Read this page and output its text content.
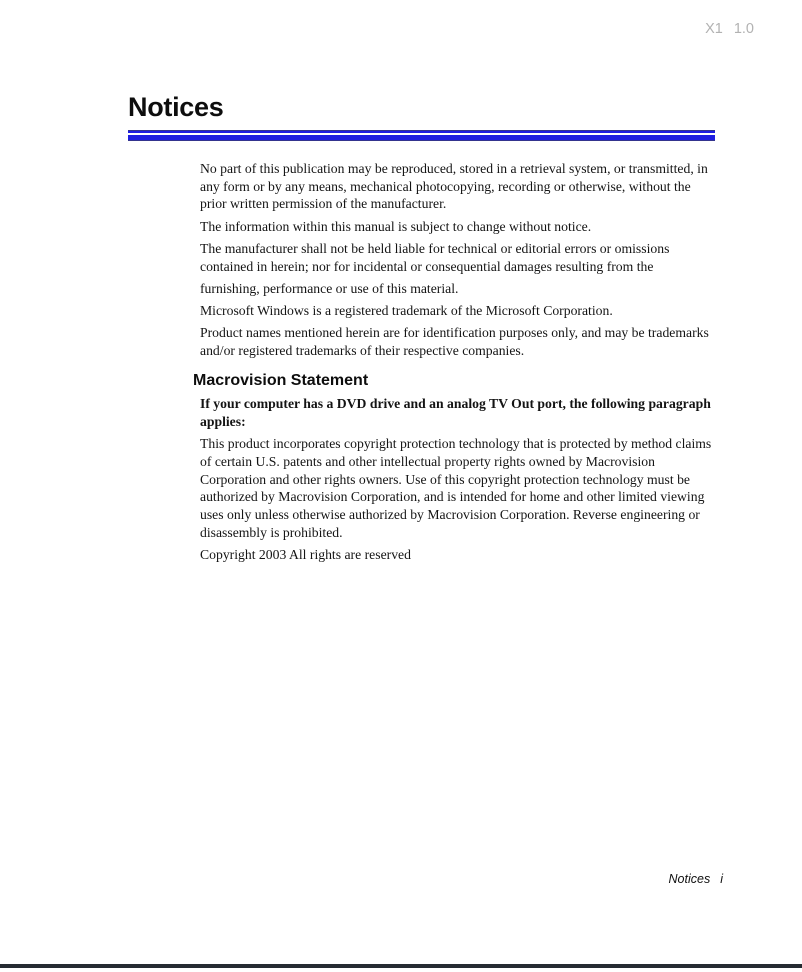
X1 1.0
Notices

No part of this publication may be reproduced, stored in a retrieval system, or transmitted, in any form or by any means, mechanical photocopying, recording or otherwise, without the prior written permission of the manufacturer.

The information within this manual is subject to change without notice.

The manufacturer shall not be held liable for technical or editorial errors or omissions contained in herein; nor for incidental or consequential damages resulting from the

furnishing, performance or use of this material.

Microsoft Windows is a registered trademark of the Microsoft Corporation.

Product names mentioned herein are for identification purposes only, and may be trademarks and/or registered trademarks of their respective companies.

Macrovision Statement

If your computer has a DVD drive and an analog TV Out port, the following paragraph applies:

This product incorporates copyright protection technology that is protected by method claims of certain U.S. patents and other intellectual property rights owned by Macrovision Corporation and other rights owners. Use of this copyright protection technology must be authorized by Macrovision Corporation, and is intended for home and other limited viewing uses only unless otherwise authorized by Macrovision Corporation. Reverse engineering or disassembly is prohibited.

Copyright 2003 All rights are reserved

Notices i
